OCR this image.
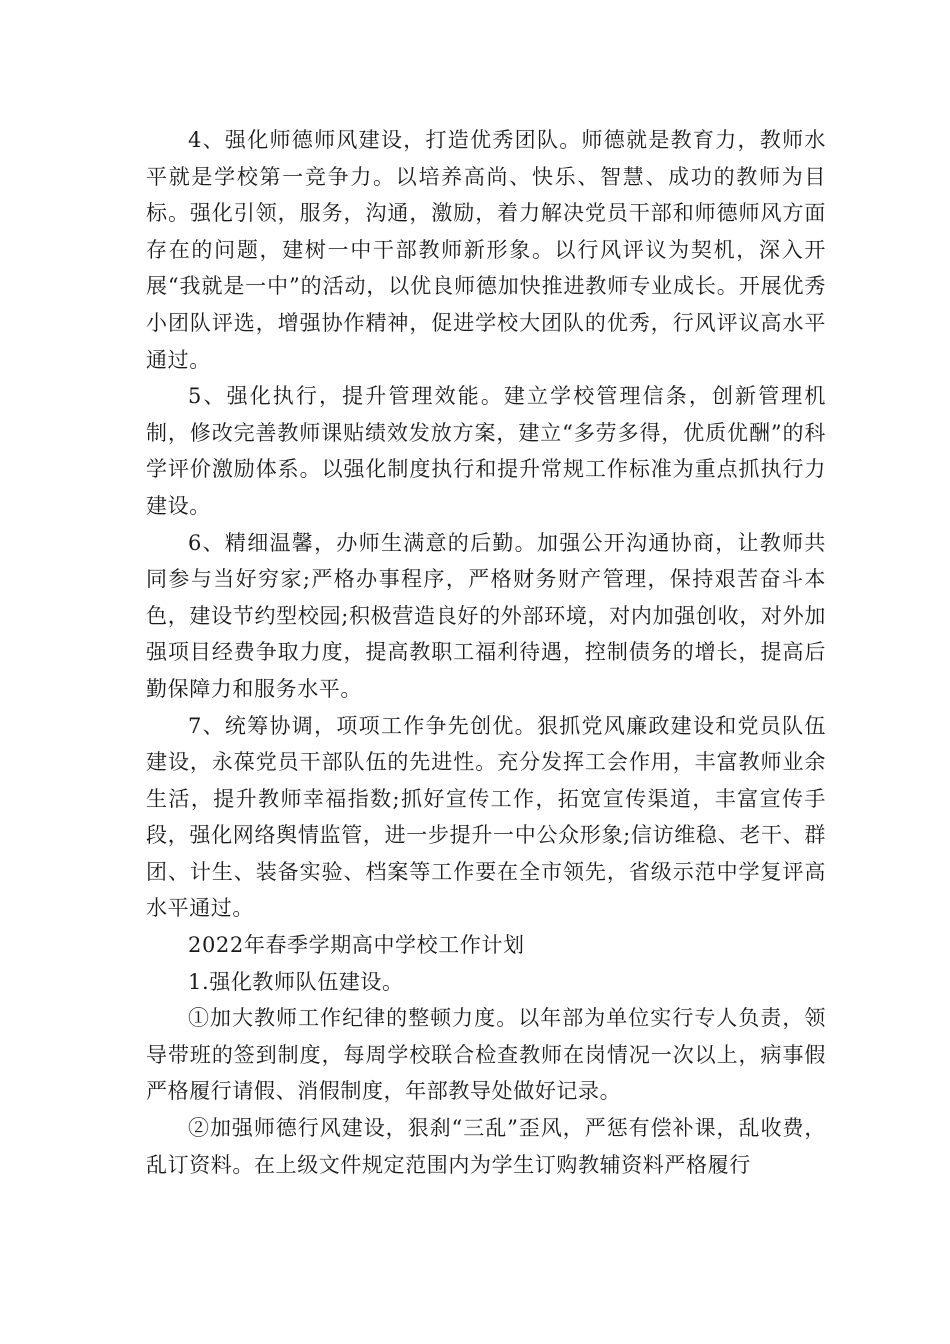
4、强化师德师风建设，打造优秀团队。师德就是教育力，教师水平就是学校第一竞争力。以培养高尚、快乐、智慧、成功的教师为目标。强化引领，服务，沟通，激励，着力解决党员干部和师德师风方面存在的问题，建树一中干部教师新形象。以行风评议为契机，深入开展“我就是一中”的活动，以优良师德加快推进教师专业成长。开展优秀小团队评选，增强协作精神，促进学校大团队的优秀，行风评议高水平通过。

5、强化执行，提升管理效能。建立学校管理信条，创新管理机制，修改完善教师课贴绩效发放方案，建立“多劳多得，优质优酬”的科学评价激励体系。以强化制度执行和提升常规工作标准为重点抓执行力建设。

6、精细温馨，办师生满意的后勤。加强公开沟通协商，让教师共同参与当好穷家;严格办事程序，严格财务财产管理，保持艰苦奋斗本色，建设节约型校园;积极营造良好的外部环境，对内加强创收，对外加强项目经费争取力度，提高教职工福利待遇，控制债务的增长，提高后勤保障力和服务水平。

7、统筹协调，项项工作争先创优。狠抓党风廉政建设和党员队伍建设，永葆党员干部队伍的先进性。充分发挥工会作用，丰富教师业余生活，提升教师幸福指数;抓好宣传工作，拓宽宣传渠道，丰富宣传手段，强化网络舆情监管，进一步提升一中公众形象;信访维稳、老干、群团、计生、装备实验、档案等工作要在全市领先，省级示范中学复评高水平通过。

2022年春季学期高中学校工作计划

1.强化教师队伍建设。

①加大教师工作纪律的整顿力度。以年部为单位实行专人负责，领导带班的签到制度，每周学校联合检查教师在岗情况一次以上，病事假严格履行请假、消假制度，年部教导处做好记录。

②加强师德行风建设，狠刹“三乱”歪风，严惩有偿补课，乱收费，乱订资料。在上级文件规定范围内为学生订购教辅资料严格履行
